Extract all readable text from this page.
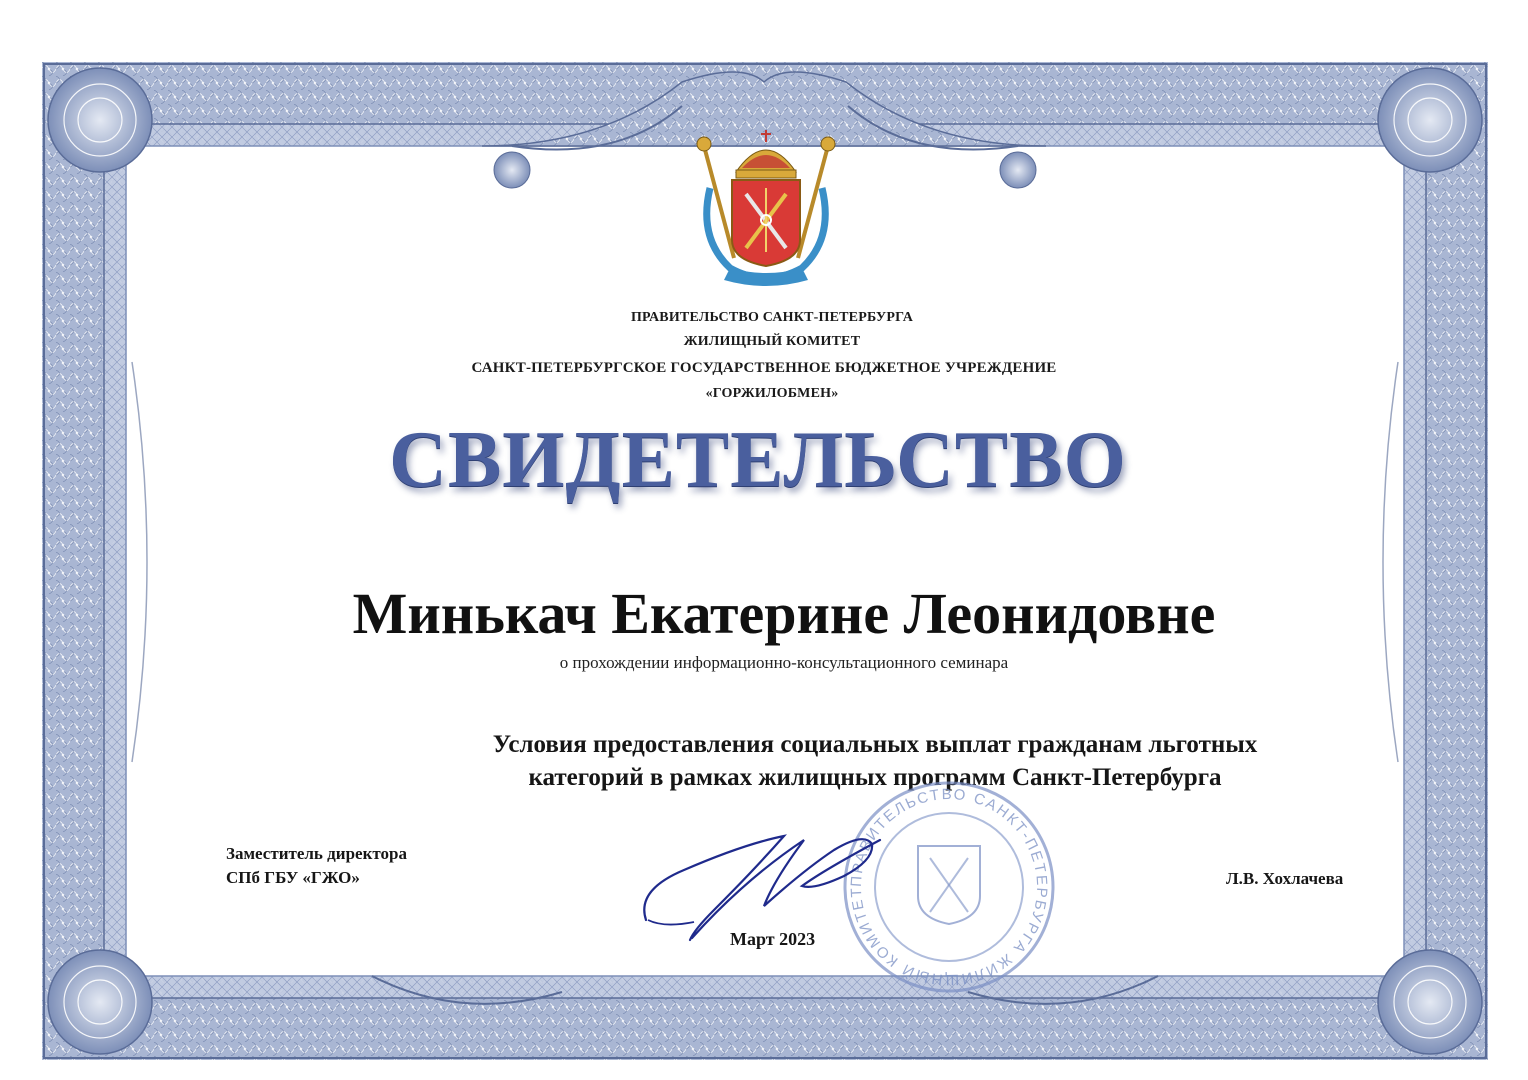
ПРАВИТЕЛЬСТВО САНКТ-ПЕТЕРБУРГА
ЖИЛИЩНЫЙ КОМИТЕТ
САНКТ-ПЕТЕРБУРГСКОЕ ГОСУДАРСТВЕННОЕ БЮДЖЕТНОЕ УЧРЕЖДЕНИЕ
«ГОРЖИЛОБМЕН»
СВИДЕТЕЛЬСТВО
Минькач Екатерине Леонидовне
о прохождении информационно-консультационного семинара
Условия предоставления социальных выплат гражданам льготных
категорий в рамках жилищных программ Санкт-Петербурга
ПРАВИТЕЛЬСТВО САНКТ-ПЕТЕРБУРГА ЖИЛИЩНЫЙ КОМИТЕТ
Заместитель директора
СПб ГБУ «ГЖО»	Л.В. Хохлачева
Март 2023
